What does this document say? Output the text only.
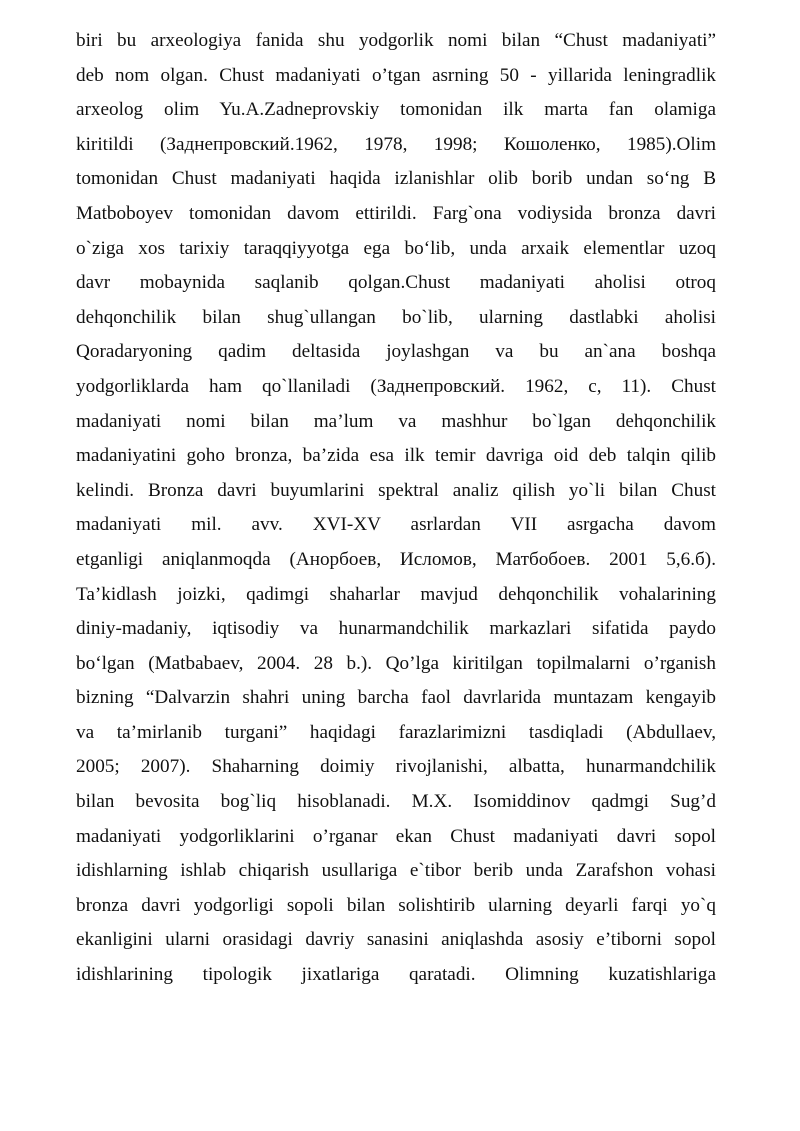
biri bu arxeologiya fanida shu yodgorlik nomi bilan “Chust madaniyati”
deb nom olgan. Chust madaniyati o’tgan asrning 50 - yillarida leningradlik
arxeolog olim Yu.A.Zadneprovskiy tomonidan ilk marta fan olamiga
kiritildi (Заднепровский.1962, 1978, 1998; Кошоленко, 1985).Olim
tomonidan Chust madaniyati haqida izlanishlar olib borib undan so‘ng B
Matboboyev tomonidan davom ettirildi. Farg`ona vodiysida bronza davri
o`ziga xos tarixiy taraqqiyyotga ega bo‘lib, unda arxaik elementlar uzoq
davr mobaynida saqlanib qolgan.Chust madaniyati aholisi otroq
dehqonchilik bilan shug`ullangan bo`lib, ularning dastlabki aholisi
Qoradaryoning qadim deltasida joylashgan va bu an`ana boshqa
yodgorliklarda ham qo`llaniladi (Заднепровский. 1962, с, 11). Chust
madaniyati nomi bilan ma’lum va mashhur bo`lgan dehqonchilik
madaniyatini goho bronza, ba’zida esa ilk temir davriga oid deb talqin qilib
kelindi. Bronza davri buyumlarini spektral analiz qilish yo`li bilan Chust
madaniyati mil. avv. XVI-XV asrlardan VII asrgacha davom
etganligi aniqlanmoqda (Анорбоев, Исломов, Матбобоев. 2001 5,6.б).
Ta’kidlash joizki, qadimgi shaharlar mavjud dehqonchilik vohalarining
diniy-madaniy, iqtisodiy va hunarmandchilik markazlari sifatida paydo
bo‘lgan (Matbabaev, 2004. 28 b.). Qo’lga kiritilgan topilmalarni o’rganish
bizning “Dalvarzin shahri uning barcha faol davrlarida muntazam kengayib
va ta’mirlanib turgani” haqidagi farazlarimizni tasdiqladi (Abdullaev,
2005; 2007). Shaharning doimiy rivojlanishi, albatta, hunarmandchilik
bilan bevosita bog`liq hisoblanadi. M.X. Isomiddinov qadmgi Sug’d
madaniyati yodgorliklarini o’rganar ekan Chust madaniyati davri sopol
idishlarning ishlab chiqarish usullariga e`tibor berib unda Zarafshon vohasi
bronza davri yodgorligi sopoli bilan solishtirib ularning deyarli farqi yo`q
ekanligini ularni orasidagi davriy sanasini aniqlashda asosiy e’tiborni sopol
idishlarining tipologik jixatlariga qaratadi. Olimning kuzatishlariga
